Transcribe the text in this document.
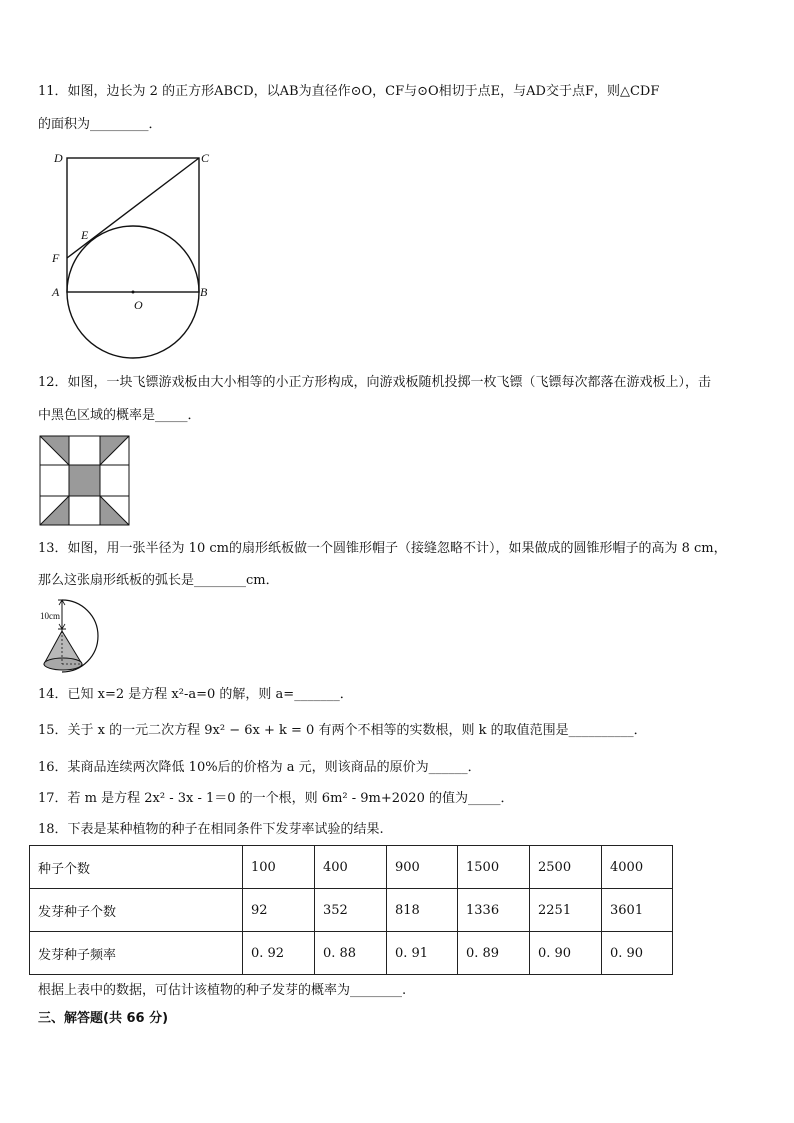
11．如图，边长为 2 的正方形ABCD，以AB为直径作⊙O，CF与⊙O相切于点E，与AD交于点F，则△CDF
的面积为_________．
D	C
E
F
A
O
B
12．如图，一块飞镖游戏板由大小相等的小正方形构成，向游戏板随机投掷一枚飞镖（飞镖每次都落在游戏板上），击
中黑色区域的概率是_____．
13．如图，用一张半径为 10 cm的扇形纸板做一个圆锥形帽子（接缝忽略不计），如果做成的圆锥形帽子的高为 8 cm，
那么这张扇形纸板的弧长是________cm．
10cm
14．已知 x=2 是方程 x²-a=0 的解，则 a=_______．
15．关于 x 的一元二次方程 9x² − 6x + k = 0 有两个不相等的实数根，则 k 的取值范围是__________．
16．某商品连续两次降低 10%后的价格为 a 元，则该商品的原价为______．
17．若 m 是方程 2x² - 3x - 1＝0 的一个根，则 6m² - 9m+2020 的值为_____．
18．下表是某种植物的种子在相同条件下发芽率试验的结果.
种子个数	100	400	900	1500	2500	4000
发芽种子个数	92	352	818	1336	2251	3601
发芽种子频率	0. 92	0. 88	0. 91	0. 89	0. 90	0. 90
根据上表中的数据，可估计该植物的种子发芽的概率为________.
三、解答题(共 66 分)
